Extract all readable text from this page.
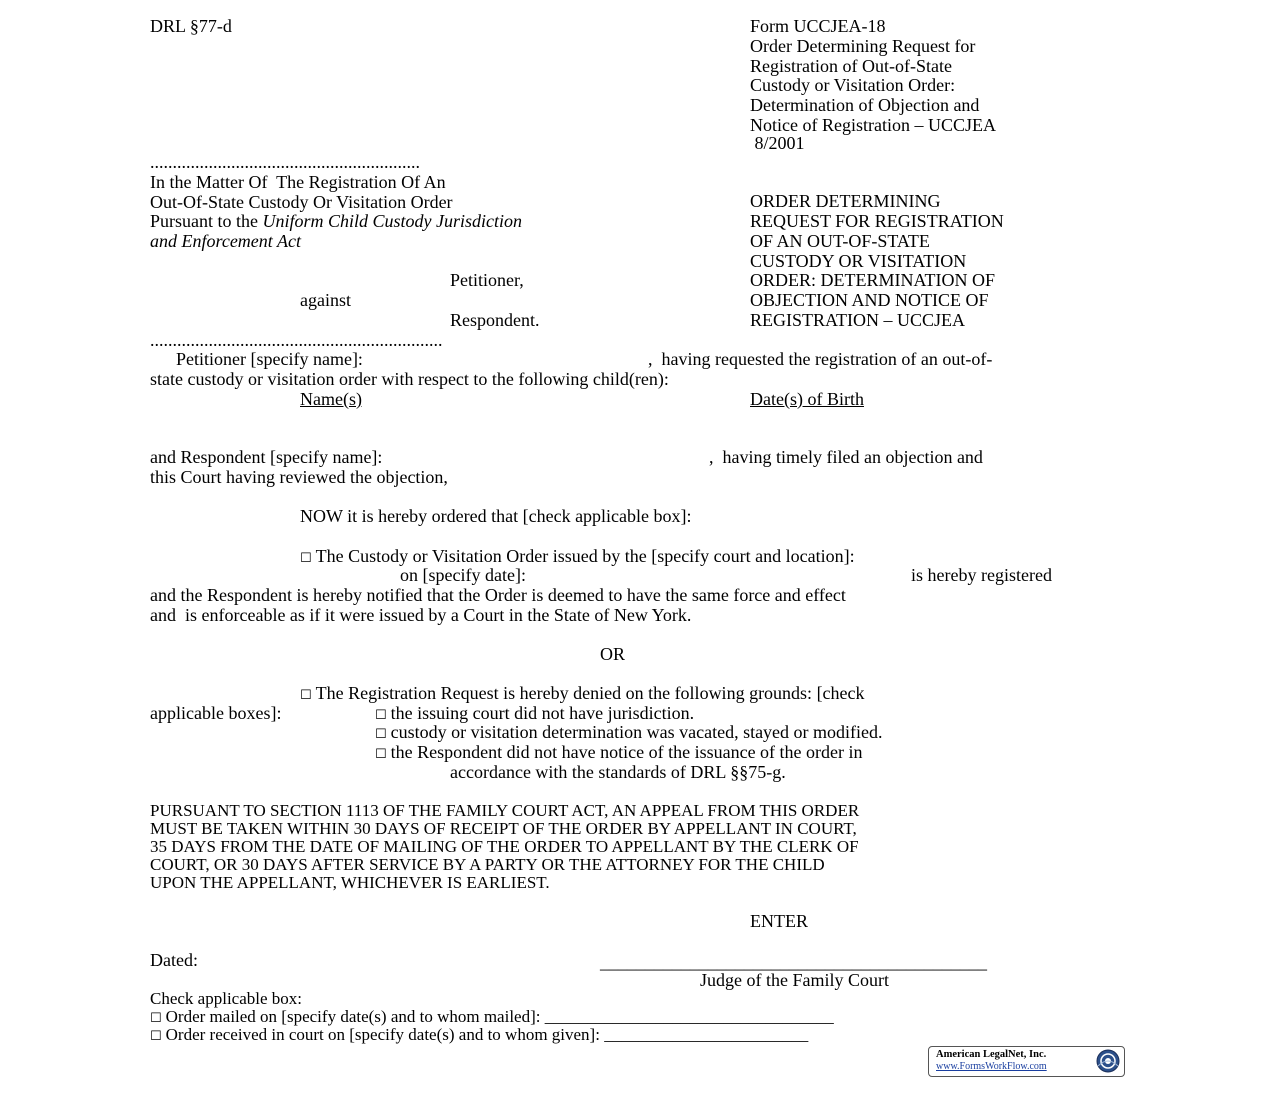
DRL §77-d	Form UCCJEA-18
Order Determining Request for
Registration of Out-of-State
Custody or Visitation Order:
Determination of Objection and
Notice of Registration – UCCJEA
8/2001
............................................................
In the Matter Of  The Registration Of An
Out-Of-State Custody Or Visitation Order
Pursuant to the Uniform Child Custody Jurisdiction
and Enforcement Act
Petitioner,
against
Respondent.
.................................................................
ORDER DETERMINING
REQUEST FOR REGISTRATION
OF AN OUT-OF-STATE
CUSTODY OR VISITATION
ORDER: DETERMINATION OF
OBJECTION AND NOTICE OF
REGISTRATION – UCCJEA
Petitioner [specify name]:	,  having requested the registration of an out-of-
state custody or visitation order with respect to the following child(ren):
Name(s)	Date(s) of Birth
and Respondent [specify name]:	,  having timely filed an objection and
this Court having reviewed the objection,
NOW it is hereby ordered that [check applicable box]:
☐ The Custody or Visitation Order issued by the [specify court and location]:
on [specify date]:	is hereby registered
and the Respondent is hereby notified that the Order is deemed to have the same force and effect
and  is enforceable as if it were issued by a Court in the State of New York.
OR
☐ The Registration Request is hereby denied on the following grounds: [check
applicable boxes]:	☐ the issuing court did not have jurisdiction.
☐ custody or visitation determination was vacated, stayed or modified.
☐ the Respondent did not have notice of the issuance of the order in
accordance with the standards of DRL §§75-g.
PURSUANT TO SECTION 1113 OF THE FAMILY COURT ACT, AN APPEAL FROM THIS ORDER
MUST BE TAKEN WITHIN 30 DAYS OF RECEIPT OF THE ORDER BY APPELLANT IN COURT,
35 DAYS FROM THE DATE OF MAILING OF THE ORDER TO APPELLANT BY THE CLERK OF
COURT, OR 30 DAYS AFTER SERVICE BY A PARTY OR THE ATTORNEY FOR THE CHILD
UPON THE APPELLANT, WHICHEVER IS EARLIEST.
ENTER
Dated:	___________________________________________
Judge of the Family Court
Check applicable box:
☐ Order mailed on [specify date(s) and to whom mailed]: __________________________________
☐ Order received in court on [specify date(s) and to whom given]: ________________________
American LegalNet, Inc.
www.FormsWorkFlow.com
